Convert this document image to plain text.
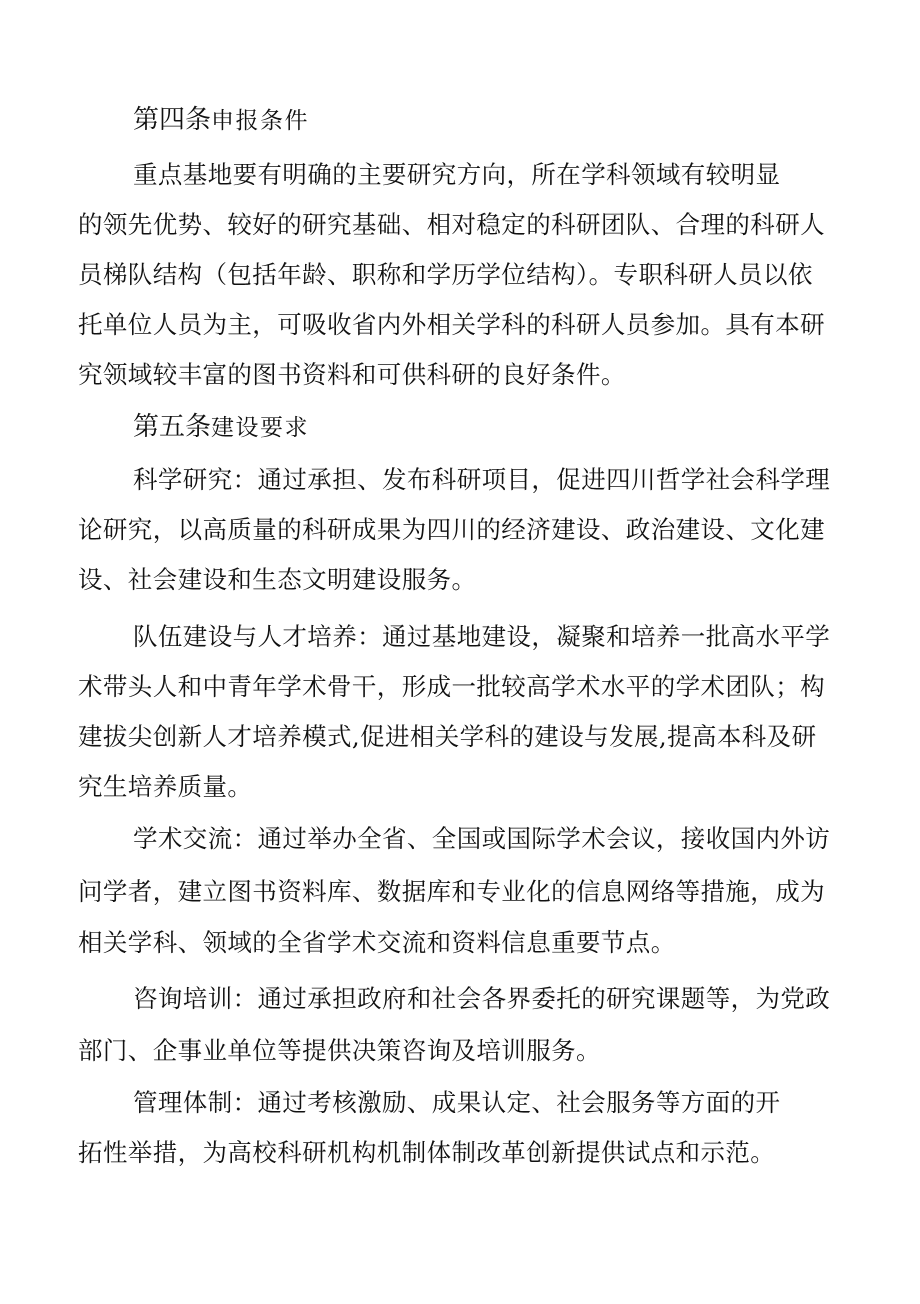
第四条申报条件
重点基地要有明确的主要研究方向，所在学科领域有较明显
的领先优势、较好的研究基础、相对稳定的科研团队、合理的科研人
员梯队结构（包括年龄、职称和学历学位结构）。专职科研人员以依
托单位人员为主，可吸收省内外相关学科的科研人员参加。具有本研
究领域较丰富的图书资料和可供科研的良好条件。
第五条建设要求
科学研究：通过承担、发布科研项目，促进四川哲学社会科学理
论研究，以高质量的科研成果为四川的经济建设、政治建设、文化建
设、社会建设和生态文明建设服务。
队伍建设与人才培养：通过基地建设，凝聚和培养一批高水平学
术带头人和中青年学术骨干，形成一批较高学术水平的学术团队；构
建拔尖创新人才培养模式,促进相关学科的建设与发展,提高本科及研
究生培养质量。
学术交流：通过举办全省、全国或国际学术会议，接收国内外访
问学者，建立图书资料库、数据库和专业化的信息网络等措施，成为
相关学科、领域的全省学术交流和资料信息重要节点。
咨询培训：通过承担政府和社会各界委托的研究课题等，为党政
部门、企事业单位等提供决策咨询及培训服务。
管理体制：通过考核激励、成果认定、社会服务等方面的开
拓性举措，为高校科研机构机制体制改革创新提供试点和示范。
